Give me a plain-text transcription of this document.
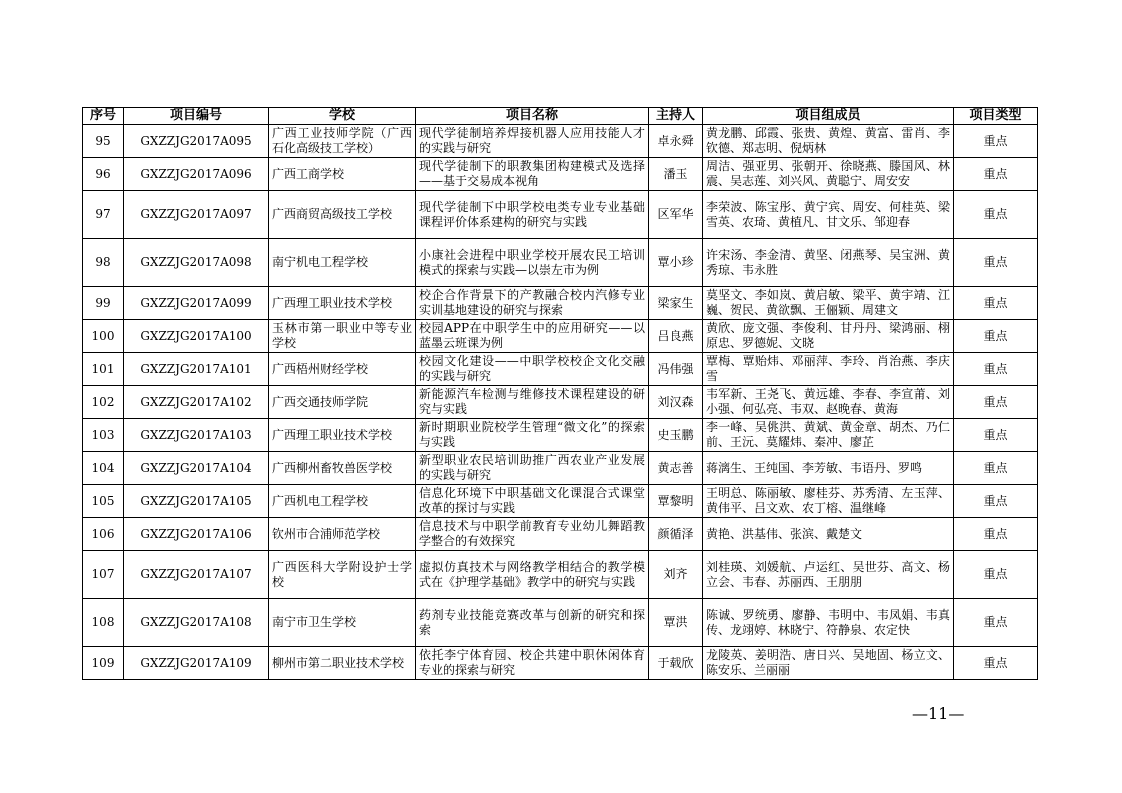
序号	项目编号	学校	项目名称	主持人	项目组成员	项目类型
95	GXZZJG2017A095	广西工业技师学院（广西石化高级技工学校）	现代学徒制培养焊接机器人应用技能人才的实践与研究	卓永舜	黄龙鹏、邱霞、张贵、黄煌、黄富、雷肖、李钦德、郑志明、倪炳林	重点
96	GXZZJG2017A096	广西工商学校	现代学徒制下的职教集团构建模式及选择——基于交易成本视角	潘玉	周洁、强亚男、张朝开、徐晓燕、滕国风、林震、吴志莲、刘兴风、黄聪宁、周安安	重点
97	GXZZJG2017A097	广西商贸高级技工学校	现代学徒制下中职学校电类专业专业基础课程评价体系建构的研究与实践	区军华	李荣波、陈宝彤、黄宁宾、周安、何桂英、梁雪英、农琦、黄植凡、甘文乐、邹迎春	重点
98	GXZZJG2017A098	南宁机电工程学校	小康社会进程中职业学校开展农民工培训模式的探索与实践—以崇左市为例	覃小珍	许宋汤、李金清、黄坚、闭燕琴、吴宝洲、黄秀琼、韦永胜	重点
99	GXZZJG2017A099	广西理工职业技术学校	校企合作背景下的产教融合校内汽修专业实训基地建设的研究与探索	梁家生	莫坚文、李如岚、黄启敏、梁平、黄宇靖、江巍、贺民、黄欲飘、王俪颖、周建文	重点
100	GXZZJG2017A100	玉林市第一职业中等专业学校	校园APP在中职学生中的应用研究——以蓝墨云班课为例	吕良燕	黄欣、庞文强、李俊利、甘丹丹、梁鸿丽、栩原忠、罗德妮、文晓	重点
101	GXZZJG2017A101	广西梧州财经学校	校园文化建设——中职学校校企文化交融的实践与研究	冯伟强	覃梅、覃贻炜、邓丽萍、李玲、肖治燕、李庆雪	重点
102	GXZZJG2017A102	广西交通技师学院	新能源汽车检测与维修技术课程建设的研究与实践	刘汉森	韦军新、王尧飞、黄远雄、李春、李宣莆、刘小强、何弘亮、韦双、赵晚春、黄海	重点
103	GXZZJG2017A103	广西理工职业技术学校	新时期职业院校学生管理“微文化”的探索与实践	史玉鹏	李一峰、吴佻洪、黄斌、黄金章、胡杰、乃仁前、王沅、莫耀炜、秦冲、廖芷	重点
104	GXZZJG2017A104	广西柳州畜牧兽医学校	新型职业农民培训助推广西农业产业发展的实践与研究	黄志善	蒋漓生、王纯国、李芳敏、韦语丹、罗鸣	重点
105	GXZZJG2017A105	广西机电工程学校	信息化环境下中职基础文化课混合式课堂改革的探讨与实践	覃黎明	王明总、陈丽敏、廖桂芬、苏秀清、左玉萍、黄伟平、吕文欢、农丁榕、温继峰	重点
106	GXZZJG2017A106	钦州市合浦师范学校	信息技术与中职学前教育专业幼儿舞蹈教学整合的有效探究	颜循泽	黄艳、洪基伟、张滨、戴楚文	重点
107	GXZZJG2017A107	广西医科大学附设护士学校	虚拟仿真技术与网络教学相结合的教学模式在《护理学基础》教学中的研究与实践	刘齐	刘桂瑛、刘媛航、卢运红、吴世芬、高文、杨立会、韦春、苏丽西、王朋朋	重点
108	GXZZJG2017A108	南宁市卫生学校	药剂专业技能竞赛改革与创新的研究和探索	覃洪	陈诚、罗统勇、廖静、韦明中、韦凤娟、韦真传、龙翊婷、林晓宁、符静泉、农定快	重点
109	GXZZJG2017A109	柳州市第二职业技术学校	依托李宁体育园、校企共建中职休闲体育专业的探索与研究	于载欣	龙陵英、姜明浩、唐日兴、吴地固、杨立文、陈安乐、兰丽丽	重点
—11—
